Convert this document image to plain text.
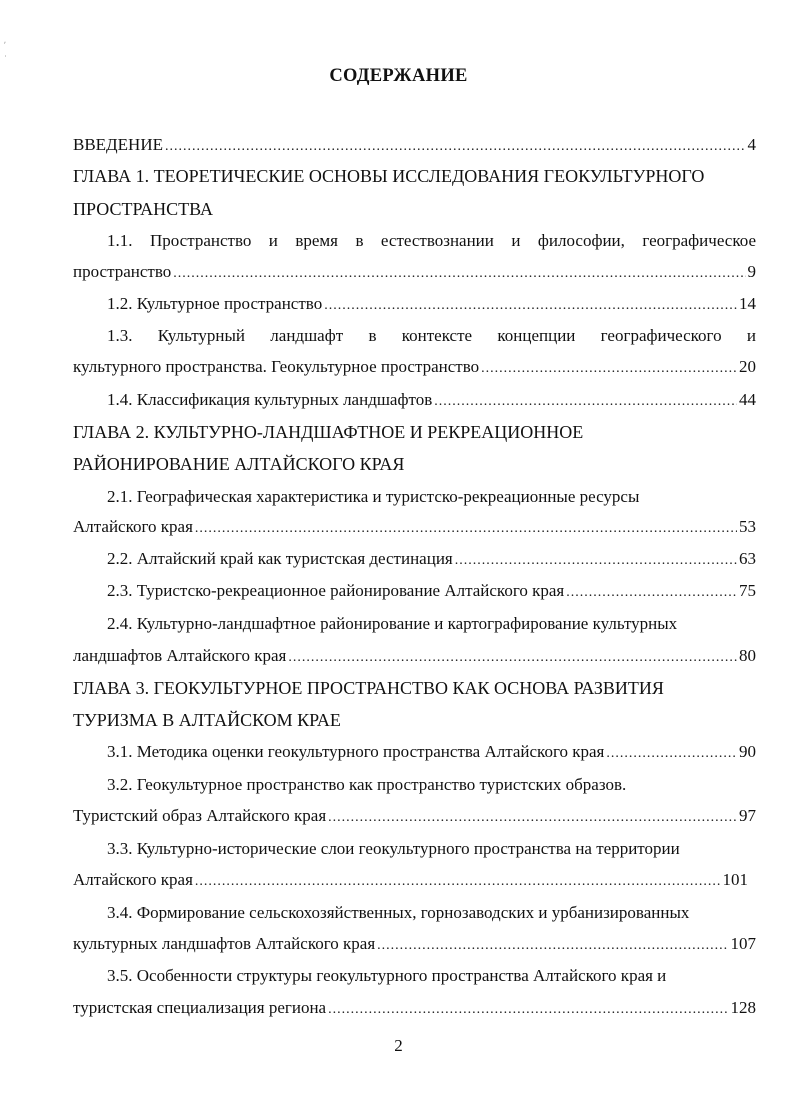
ʹ
˙
СОДЕРЖАНИЕ
ВВЕДЕНИЕ .....	4
ГЛАВА 1. ТЕОРЕТИЧЕСКИЕ ОСНОВЫ ИССЛЕДОВАНИЯ ГЕОКУЛЬТУРНОГО
ПРОСТРАНСТВА
1.1. Пространство и время в естествознании и философии, географическое
пространство .....	9
1.2. Культурное пространство .....	14
1.3. Культурный ландшафт в контексте концепции географического и
культурного пространства. Геокультурное пространство .....	20
1.4. Классификация культурных ландшафтов .....	44
ГЛАВА 2. КУЛЬТУРНО-ЛАНДШАФТНОЕ И РЕКРЕАЦИОННОЕ
РАЙОНИРОВАНИЕ АЛТАЙСКОГО КРАЯ
2.1. Географическая характеристика и туристско-рекреационные ресурсы
Алтайского края .....	53
2.2. Алтайский край как туристская дестинация .....	63
2.3. Туристско-рекреационное районирование Алтайского края .....	75
2.4. Культурно-ландшафтное районирование и картографирование культурных
ландшафтов Алтайского края .....	80
ГЛАВА 3. ГЕОКУЛЬТУРНОЕ ПРОСТРАНСТВО КАК ОСНОВА РАЗВИТИЯ
ТУРИЗМА В АЛТАЙСКОМ КРАЕ
3.1. Методика оценки геокультурного пространства Алтайского края .....	90
3.2. Геокультурное пространство как пространство туристских образов.
Туристский образ Алтайского края .....	97
3.3. Культурно-исторические слои геокультурного пространства на территории
Алтайского края .....	101
3.4. Формирование сельскохозяйственных, горнозаводских и урбанизированных
культурных ландшафтов Алтайского края .....	107
3.5. Особенности структуры геокультурного пространства Алтайского края и
туристская специализация региона .....	128
2
